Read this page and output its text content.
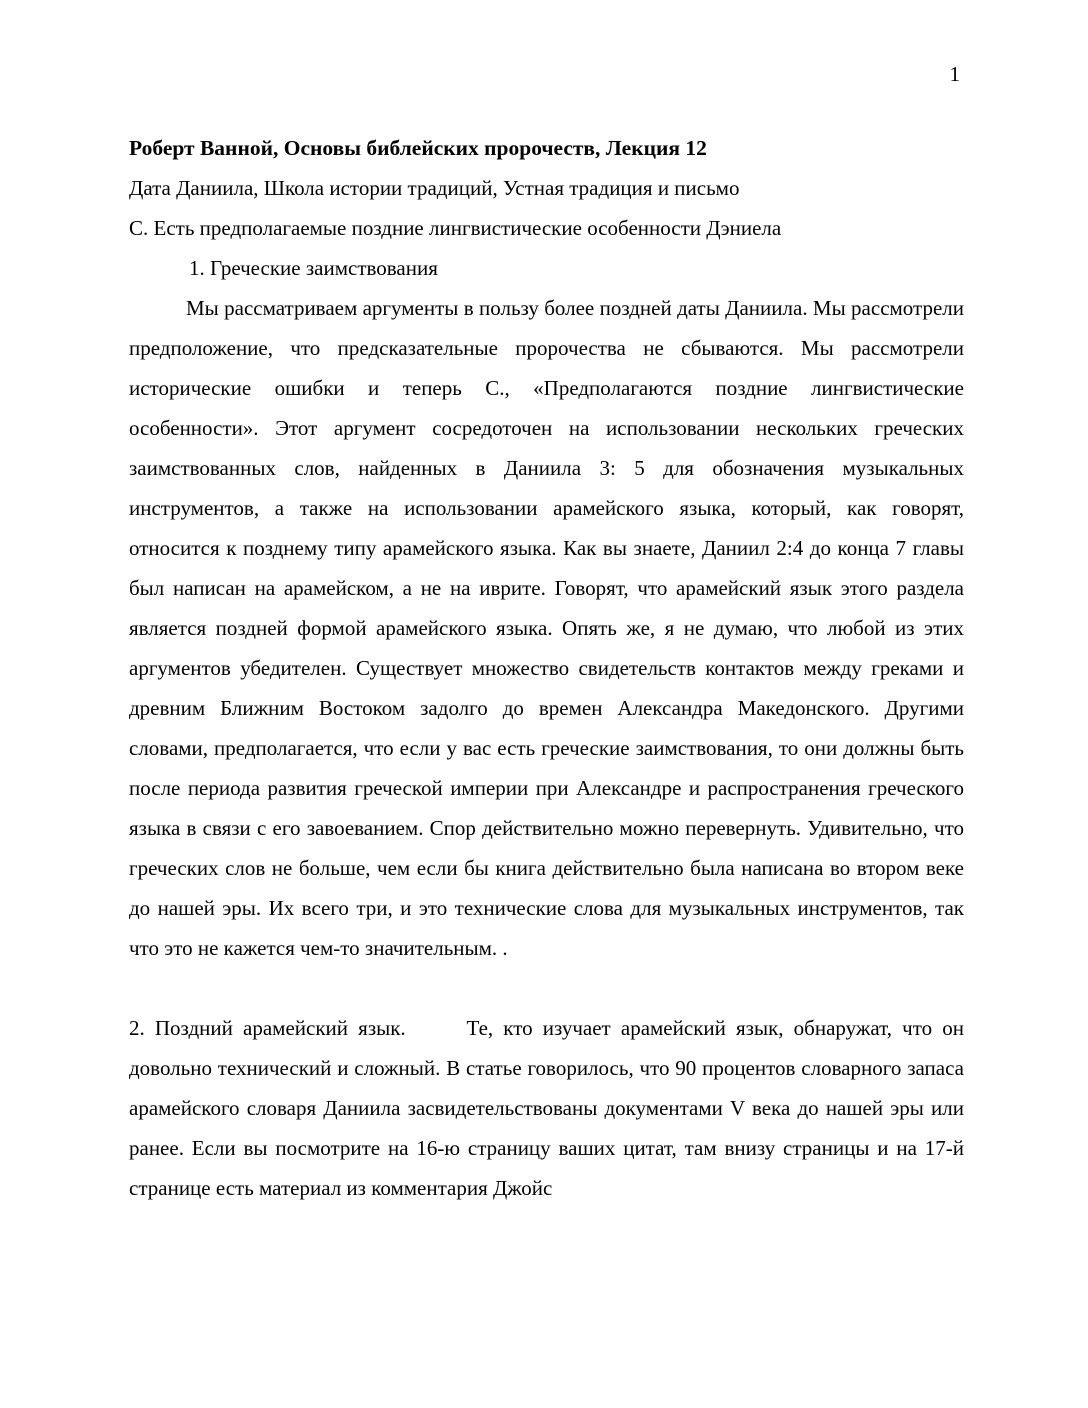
1

Роберт Ванной, Основы библейских пророчеств, Лекция 12

Дата Даниила, Школа истории традиций, Устная традиция и письмо

C. Есть предполагаемые поздние лингвистические особенности Дэниела

1. Греческие заимствования

Мы рассматриваем аргументы в пользу более поздней даты Даниила. Мы рассмотрели предположение, что предсказательные пророчества не сбываются. Мы рассмотрели исторические ошибки и теперь C., «Предполагаются поздние лингвистические особенности». Этот аргумент сосредоточен на использовании нескольких греческих заимствованных слов, найденных в Даниила 3: 5 для обозначения музыкальных инструментов, а также на использовании арамейского языка, который, как говорят, относится к позднему типу арамейского языка. Как вы знаете, Даниил 2:4 до конца 7 главы был написан на арамейском, а не на иврите. Говорят, что арамейский язык этого раздела является поздней формой арамейского языка. Опять же, я не думаю, что любой из этих аргументов убедителен. Существует множество свидетельств контактов между греками и древним Ближним Востоком задолго до времен Александра Македонского. Другими словами, предполагается, что если у вас есть греческие заимствования, то они должны быть после периода развития греческой империи при Александре и распространения греческого языка в связи с его завоеванием. Спор действительно можно перевернуть. Удивительно, что греческих слов не больше, чем если бы книга действительно была написана во втором веке до нашей эры. Их всего три, и это технические слова для музыкальных инструментов, так что это не кажется чем-то значительным. .

2. Поздний арамейский язык.	Те, кто изучает арамейский язык, обнаружат, что он довольно технический и сложный. В статье говорилось, что 90 процентов словарного запаса арамейского словаря Даниила засвидетельствованы документами V века до нашей эры или ранее. Если вы посмотрите на 16-ю страницу ваших цитат, там внизу страницы и на 17-й странице есть материал из комментария Джойс
